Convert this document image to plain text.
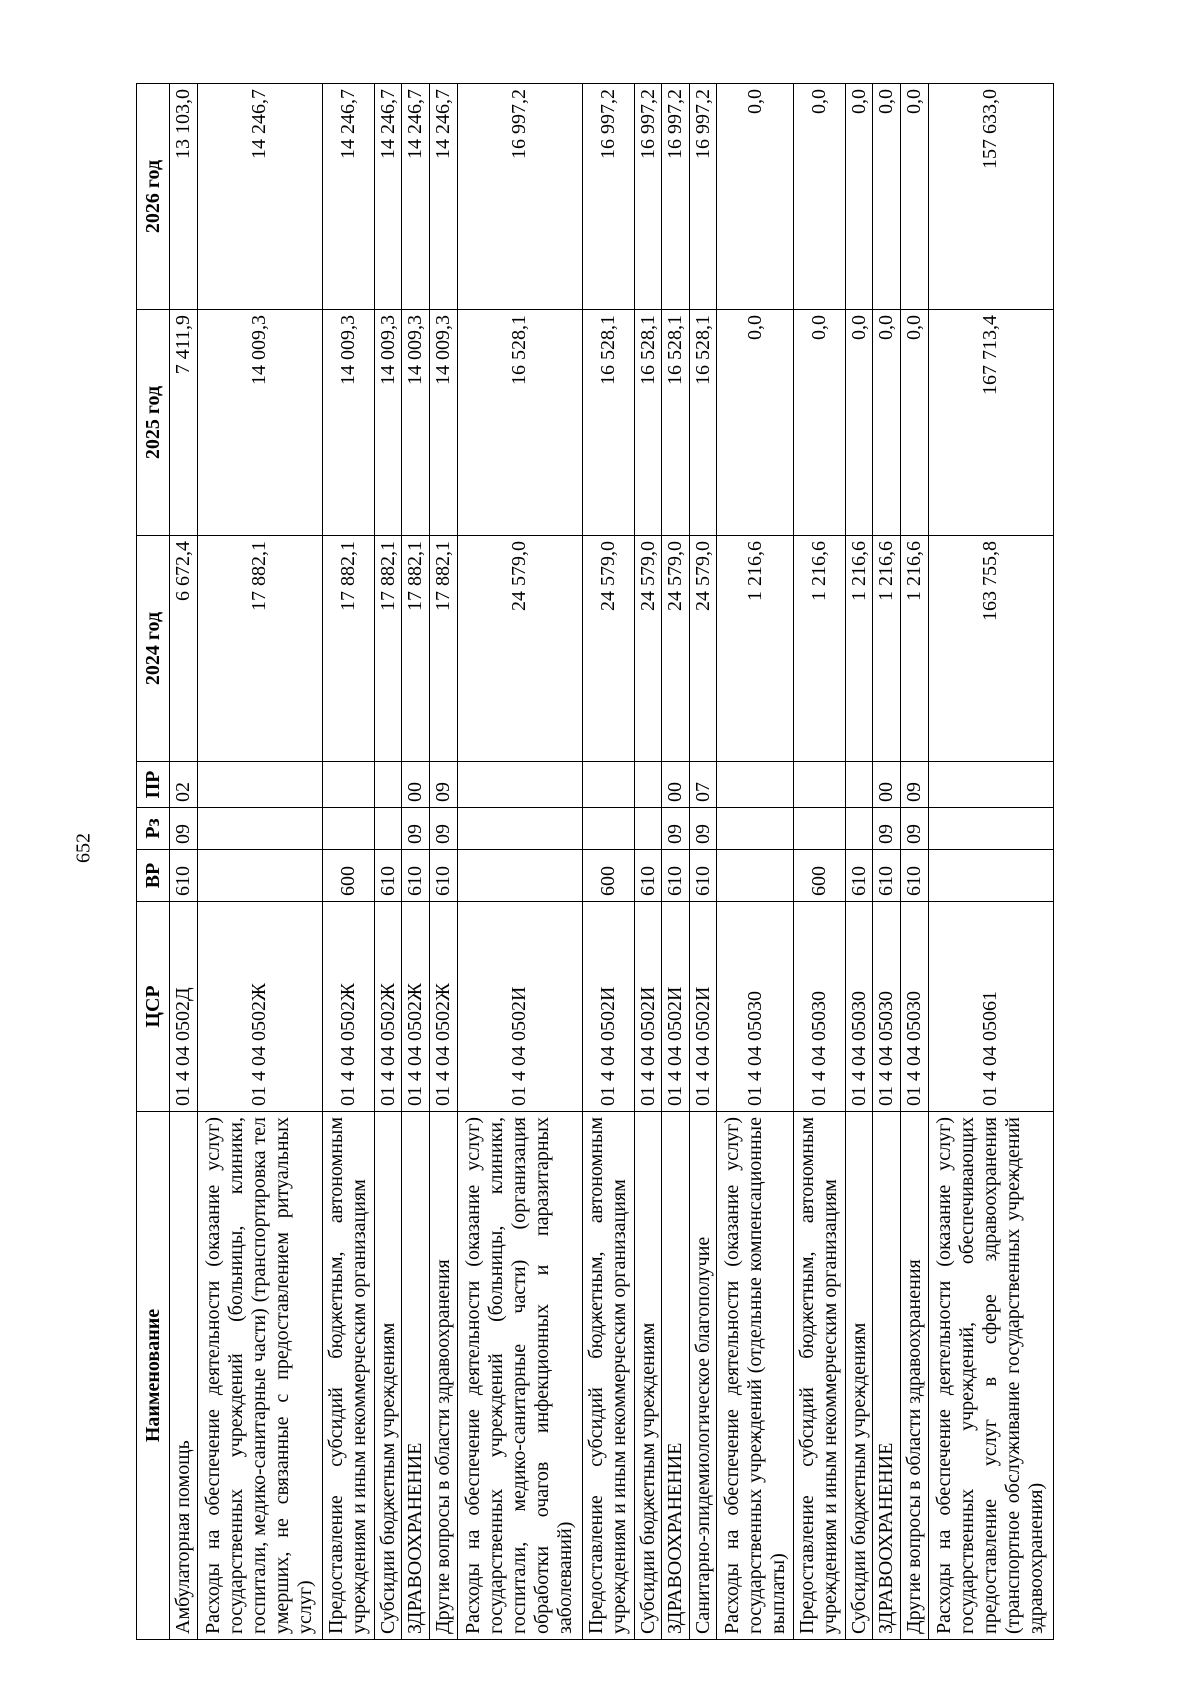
652
Наименование	ЦСР	ВР	Рз	ПР	2024 год	2025 год	2026 год
Амбулаторная помощь	01 4 04 0502Д	610	09	02	6 672,4	7 411,9	13 103,0
Расходы на обеспечение деятельности (оказание услуг) государственных учреждений (больницы, клиники, госпитали, медико-санитарные части) (транспортировка тел умерших, не связанные с предоставлением ритуальных услуг)	01 4 04 0502Ж				17 882,1	14 009,3	14 246,7
Предоставление субсидий бюджетным, автономным учреждениям и иным некоммерческим организациям	01 4 04 0502Ж	600			17 882,1	14 009,3	14 246,7
Субсидии бюджетным учреждениям	01 4 04 0502Ж	610			17 882,1	14 009,3	14 246,7
ЗДРАВООХРАНЕНИЕ	01 4 04 0502Ж	610	09	00	17 882,1	14 009,3	14 246,7
Другие вопросы в области здравоохранения	01 4 04 0502Ж	610	09	09	17 882,1	14 009,3	14 246,7
Расходы на обеспечение деятельности (оказание услуг) государственных учреждений (больницы, клиники, госпитали, медико-санитарные части) (организация обработки очагов инфекционных и паразитарных заболеваний)	01 4 04 0502И				24 579,0	16 528,1	16 997,2
Предоставление субсидий бюджетным, автономным учреждениям и иным некоммерческим организациям	01 4 04 0502И	600			24 579,0	16 528,1	16 997,2
Субсидии бюджетным учреждениям	01 4 04 0502И	610			24 579,0	16 528,1	16 997,2
ЗДРАВООХРАНЕНИЕ	01 4 04 0502И	610	09	00	24 579,0	16 528,1	16 997,2
Санитарно-эпидемиологическое благополучие	01 4 04 0502И	610	09	07	24 579,0	16 528,1	16 997,2
Расходы на обеспечение деятельности (оказание услуг) государственных учреждений (отдельные компенсационные выплаты)	01 4 04 05030				1 216,6	0,0	0,0
Предоставление субсидий бюджетным, автономным учреждениям и иным некоммерческим организациям	01 4 04 05030	600			1 216,6	0,0	0,0
Субсидии бюджетным учреждениям	01 4 04 05030	610			1 216,6	0,0	0,0
ЗДРАВООХРАНЕНИЕ	01 4 04 05030	610	09	00	1 216,6	0,0	0,0
Другие вопросы в области здравоохранения	01 4 04 05030	610	09	09	1 216,6	0,0	0,0
Расходы на обеспечение деятельности (оказание услуг) государственных учреждений, обеспечивающих предоставление услуг в сфере здравоохранения (транспортное обслуживание государственных учреждений здравоохранения)	01 4 04 05061				163 755,8	167 713,4	157 633,0
